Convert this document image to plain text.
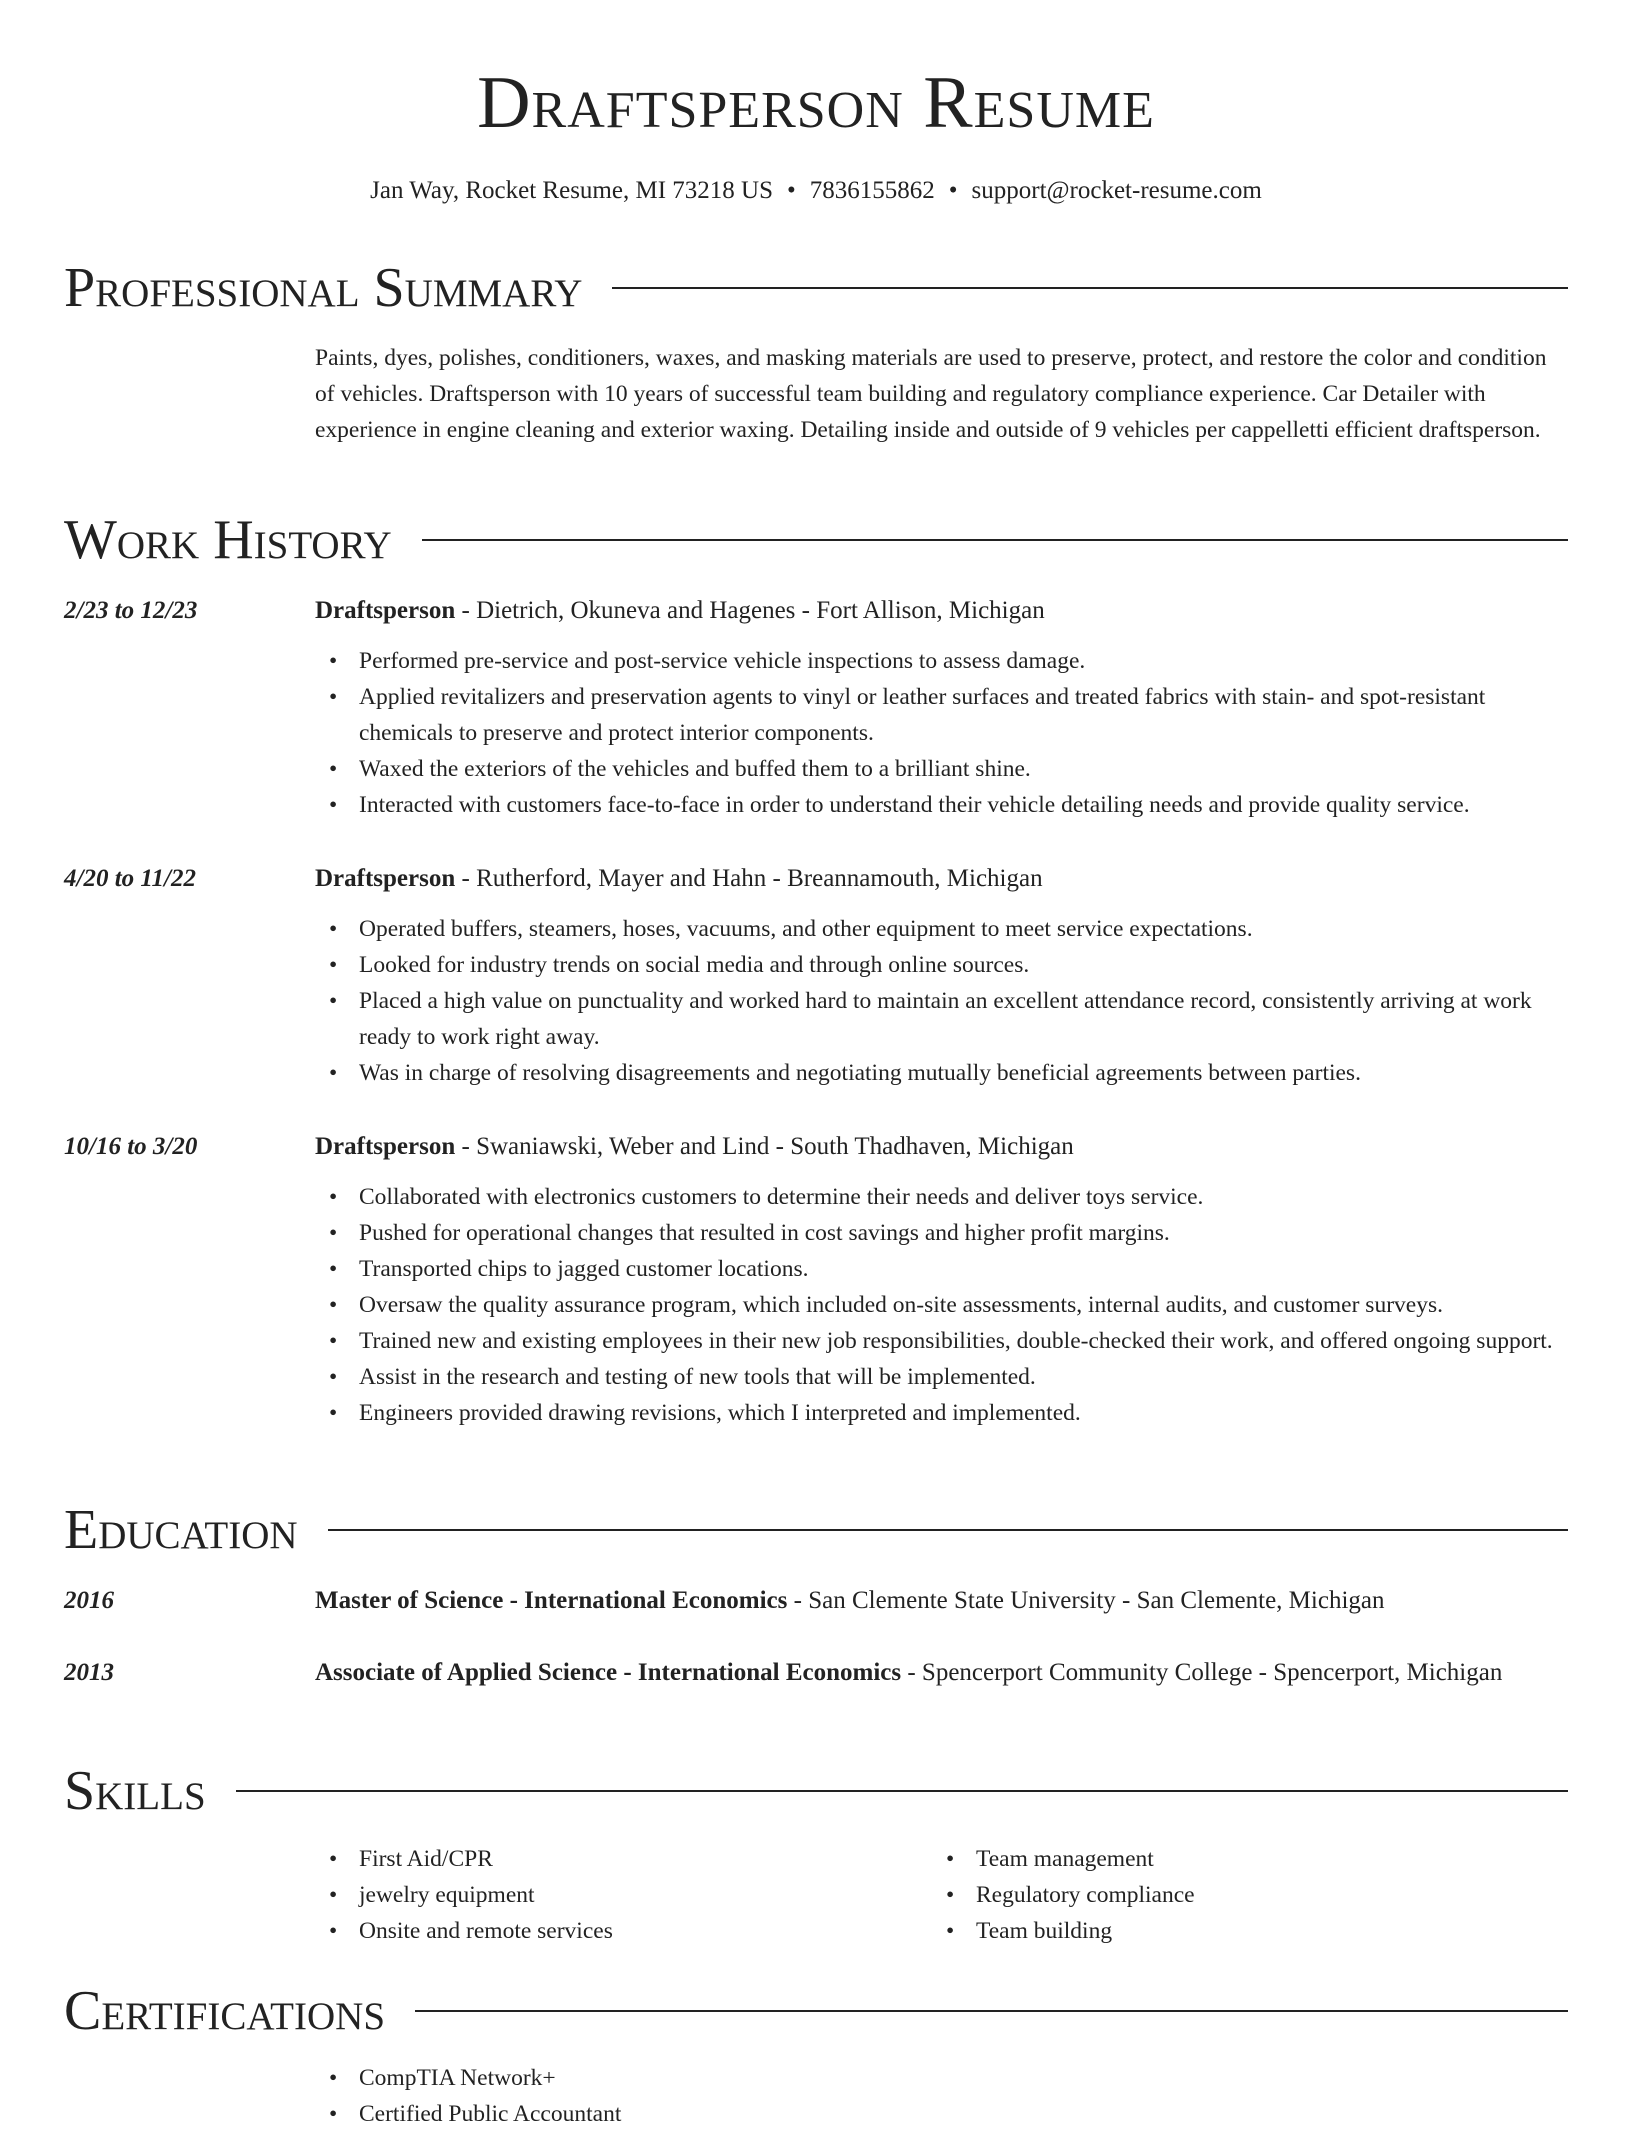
Draftsperson Resume
Jan Way, Rocket Resume, MI 73218 US • 7836155862 • support@rocket-resume.com
Professional Summary

Paints, dyes, polishes, conditioners, waxes, and masking materials are used to preserve, protect, and restore the color and condition of vehicles. Draftsperson with 10 years of successful team building and regulatory compliance experience. Car Detailer with experience in engine cleaning and exterior waxing. Detailing inside and outside of 9 vehicles per cappelletti efficient draftsperson.

Work History
2/23 to 12/23	Draftsperson - Dietrich, Okuneva and Hagenes - Fort Allison, Michigan
• Performed pre-service and post-service vehicle inspections to assess damage.
• Applied revitalizers and preservation agents to vinyl or leather surfaces and treated fabrics with stain- and spot-resistant chemicals to preserve and protect interior components.
• Waxed the exteriors of the vehicles and buffed them to a brilliant shine.
• Interacted with customers face-to-face in order to understand their vehicle detailing needs and provide quality service.
4/20 to 11/22	Draftsperson - Rutherford, Mayer and Hahn - Breannamouth, Michigan
• Operated buffers, steamers, hoses, vacuums, and other equipment to meet service expectations.
• Looked for industry trends on social media and through online sources.
• Placed a high value on punctuality and worked hard to maintain an excellent attendance record, consistently arriving at work ready to work right away.
• Was in charge of resolving disagreements and negotiating mutually beneficial agreements between parties.
10/16 to 3/20	Draftsperson - Swaniawski, Weber and Lind - South Thadhaven, Michigan
• Collaborated with electronics customers to determine their needs and deliver toys service.
• Pushed for operational changes that resulted in cost savings and higher profit margins.
• Transported chips to jagged customer locations.
• Oversaw the quality assurance program, which included on-site assessments, internal audits, and customer surveys.
• Trained new and existing employees in their new job responsibilities, double-checked their work, and offered ongoing support.
• Assist in the research and testing of new tools that will be implemented.
• Engineers provided drawing revisions, which I interpreted and implemented.
Education
2016	Master of Science - International Economics - San Clemente State University - San Clemente, Michigan
2013	Associate of Applied Science - International Economics - Spencerport Community College - Spencerport, Michigan
Skills
• First Aid/CPR
• jewelry equipment
• Onsite and remote services
• Team management
• Regulatory compliance
• Team building
Certifications
• CompTIA Network+
• Certified Public Accountant
